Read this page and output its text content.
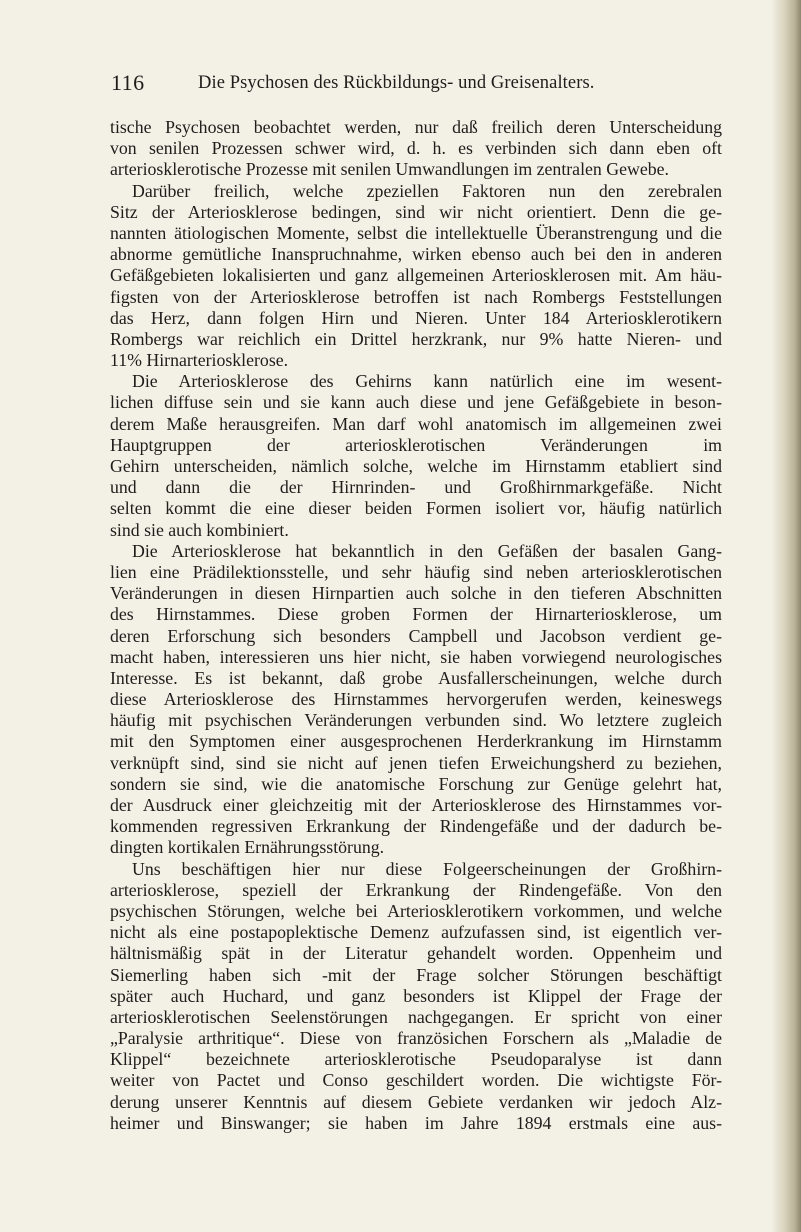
116	Die Psychosen des Rückbildungs- und Greisenalters.
tische Psychosen beobachtet werden, nur daß freilich deren Unterscheidung
von senilen Prozessen schwer wird, d. h. es verbinden sich dann eben oft
arteriosklerotische Prozesse mit senilen Umwandlungen im zentralen Gewebe.
Darüber freilich, welche zpeziellen Faktoren nun den zerebralen
Sitz der Arteriosklerose bedingen, sind wir nicht orientiert. Denn die ge-
nannten ätiologischen Momente, selbst die intellektuelle Überanstrengung und die
abnorme gemütliche Inanspruchnahme, wirken ebenso auch bei den in anderen
Gefäßgebieten lokalisierten und ganz allgemeinen Arteriosklerosen mit. Am häu-
figsten von der Arteriosklerose betroffen ist nach Rombergs Feststellungen
das Herz, dann folgen Hirn und Nieren. Unter 184 Arteriosklerotikern
Rombergs war reichlich ein Drittel herzkrank, nur 9% hatte Nieren- und
11% Hirnarteriosklerose.
Die Arteriosklerose des Gehirns kann natürlich eine im wesent-
lichen diffuse sein und sie kann auch diese und jene Gefäßgebiete in beson-
derem Maße herausgreifen. Man darf wohl anatomisch im allgemeinen zwei
Hauptgruppen der arteriosklerotischen Veränderungen im
Gehirn unterscheiden, nämlich solche, welche im Hirnstamm etabliert sind
und dann die der Hirnrinden- und Großhirnmarkgefäße. Nicht
selten kommt die eine dieser beiden Formen isoliert vor, häufig natürlich
sind sie auch kombiniert.
Die Arteriosklerose hat bekanntlich in den Gefäßen der basalen Gang-
lien eine Prädilektionsstelle, und sehr häufig sind neben arteriosklerotischen
Veränderungen in diesen Hirnpartien auch solche in den tieferen Abschnitten
des Hirnstammes. Diese groben Formen der Hirnarteriosklerose, um
deren Erforschung sich besonders Campbell und Jacobson verdient ge-
macht haben, interessieren uns hier nicht, sie haben vorwiegend neurologisches
Interesse. Es ist bekannt, daß grobe Ausfallerscheinungen, welche durch
diese Arteriosklerose des Hirnstammes hervorgerufen werden, keineswegs
häufig mit psychischen Veränderungen verbunden sind. Wo letztere zugleich
mit den Symptomen einer ausgesprochenen Herderkrankung im Hirnstamm
verknüpft sind, sind sie nicht auf jenen tiefen Erweichungsherd zu beziehen,
sondern sie sind, wie die anatomische Forschung zur Genüge gelehrt hat,
der Ausdruck einer gleichzeitig mit der Arteriosklerose des Hirnstammes vor-
kommenden regressiven Erkrankung der Rindengefäße und der dadurch be-
dingten kortikalen Ernährungsstörung.
Uns beschäftigen hier nur diese Folgeerscheinungen der Großhirn-
arteriosklerose, speziell der Erkrankung der Rindengefäße. Von den
psychischen Störungen, welche bei Arteriosklerotikern vorkommen, und welche
nicht als eine postapoplektische Demenz aufzufassen sind, ist eigentlich ver-
hältnismäßig spät in der Literatur gehandelt worden. Oppenheim und
Siemerling haben sich -mit der Frage solcher Störungen beschäftigt
später auch Huchard, und ganz besonders ist Klippel der Frage der
arteriosklerotischen Seelenstörungen nachgegangen. Er spricht von einer
„Paralysie arthritique“. Diese von französichen Forschern als „Maladie de
Klippel“ bezeichnete arteriosklerotische Pseudoparalyse ist dann
weiter von Pactet und Conso geschildert worden. Die wichtigste För-
derung unserer Kenntnis auf diesem Gebiete verdanken wir jedoch Alz-
heimer und Binswanger; sie haben im Jahre 1894 erstmals eine aus-
